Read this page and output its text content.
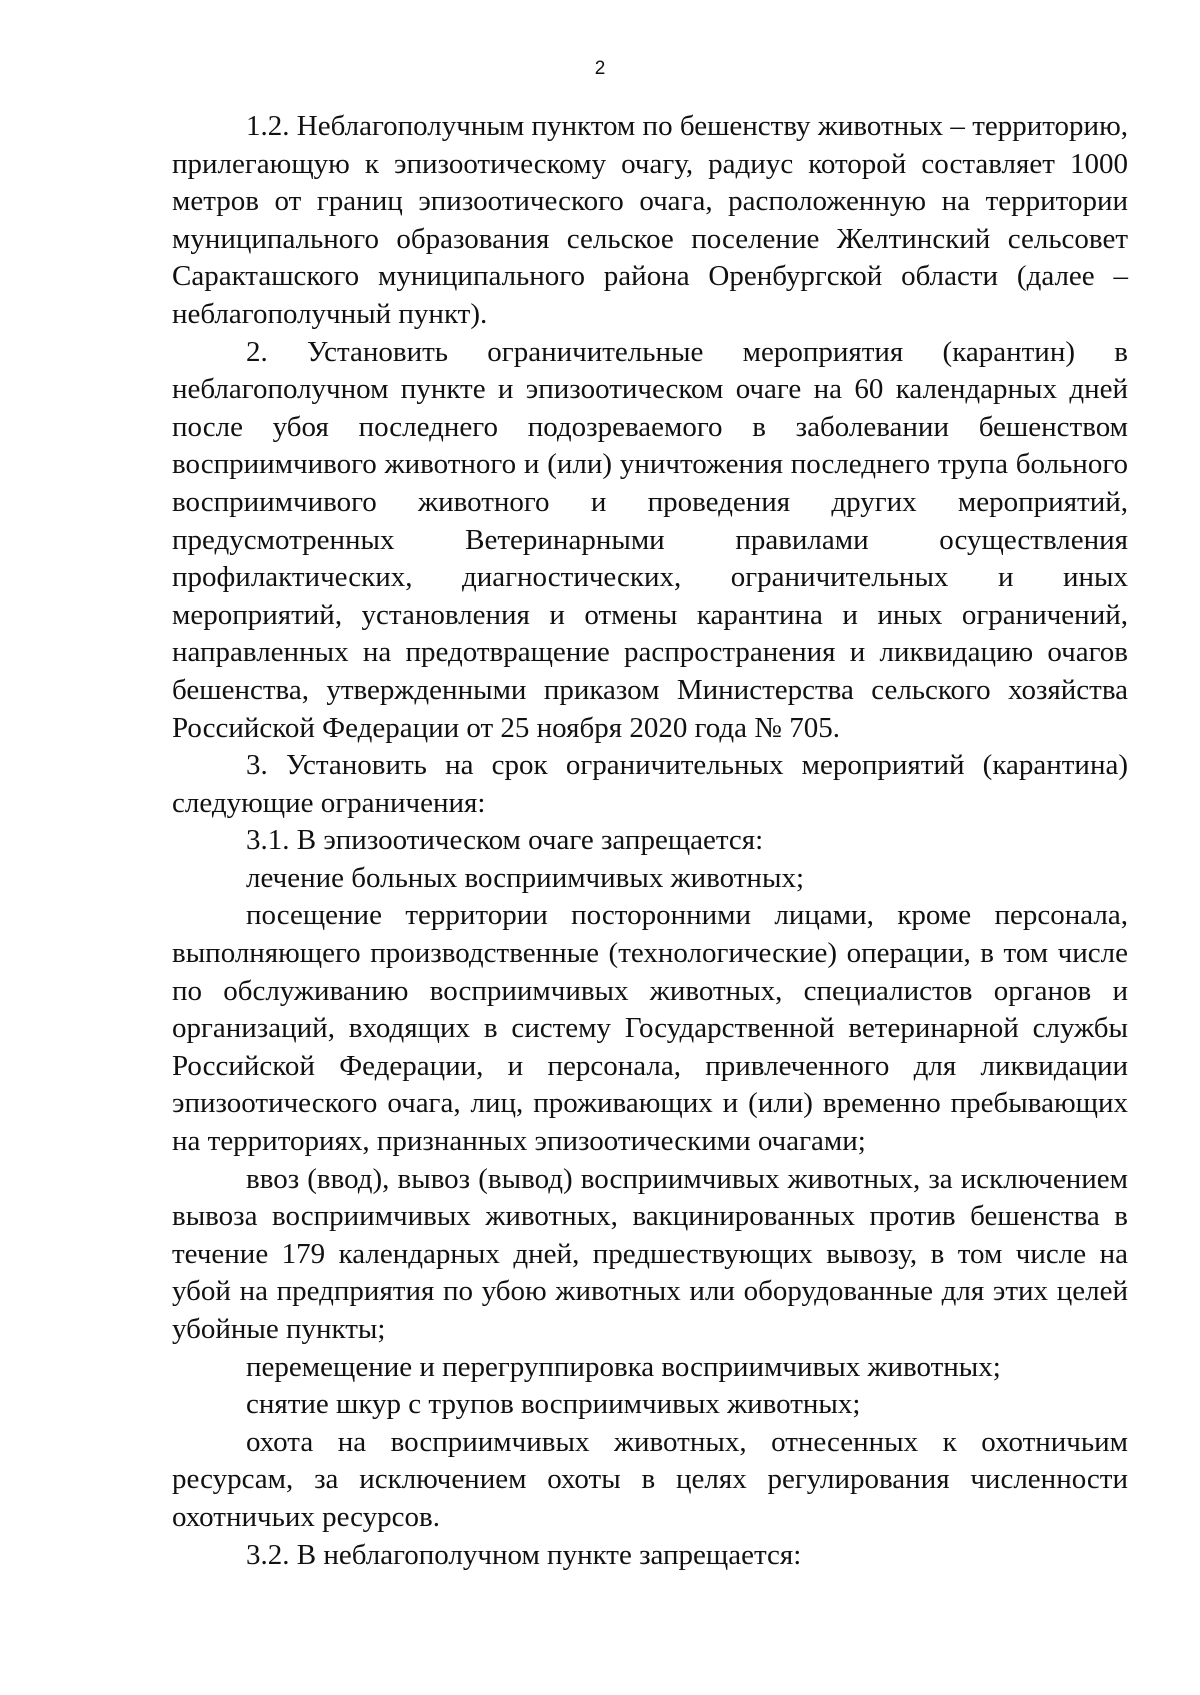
2

1.2. Неблагополучным пунктом по бешенству животных – территорию, прилегающую к эпизоотическому очагу, радиус которой составляет 1000 метров от границ эпизоотического очага, расположенную на территории муниципального образования сельское поселение Желтинский сельсовет Саракташского муниципального района Оренбургской области (далее – неблагополучный пункт).

2. Установить ограничительные мероприятия (карантин) в неблагополучном пункте и эпизоотическом очаге на 60 календарных дней после убоя последнего подозреваемого в заболевании бешенством восприимчивого животного и (или) уничтожения последнего трупа больного восприимчивого животного и проведения других мероприятий, предусмотренных Ветеринарными правилами осуществления профилактических, диагностических, ограничительных и иных мероприятий, установления и отмены карантина и иных ограничений, направленных на предотвращение распространения и ликвидацию очагов бешенства, утвержденными приказом Министерства сельского хозяйства Российской Федерации от 25 ноября 2020 года № 705.

3. Установить на срок ограничительных мероприятий (карантина) следующие ограничения:

3.1. В эпизоотическом очаге запрещается:

лечение больных восприимчивых животных;

посещение территории посторонними лицами, кроме персонала, выполняющего производственные (технологические) операции, в том числе по обслуживанию восприимчивых животных, специалистов органов и организаций, входящих в систему Государственной ветеринарной службы Российской Федерации, и персонала, привлеченного для ликвидации эпизоотического очага, лиц, проживающих и (или) временно пребывающих на территориях, признанных эпизоотическими очагами;

ввоз (ввод), вывоз (вывод) восприимчивых животных, за исключением вывоза восприимчивых животных, вакцинированных против бешенства в течение 179 календарных дней, предшествующих вывозу, в том числе на убой на предприятия по убою животных или оборудованные для этих целей убойные пункты;

перемещение и перегруппировка восприимчивых животных;

снятие шкур с трупов восприимчивых животных;

охота на восприимчивых животных, отнесенных к охотничьим ресурсам, за исключением охоты в целях регулирования численности охотничьих ресурсов.

3.2. В неблагополучном пункте запрещается:
